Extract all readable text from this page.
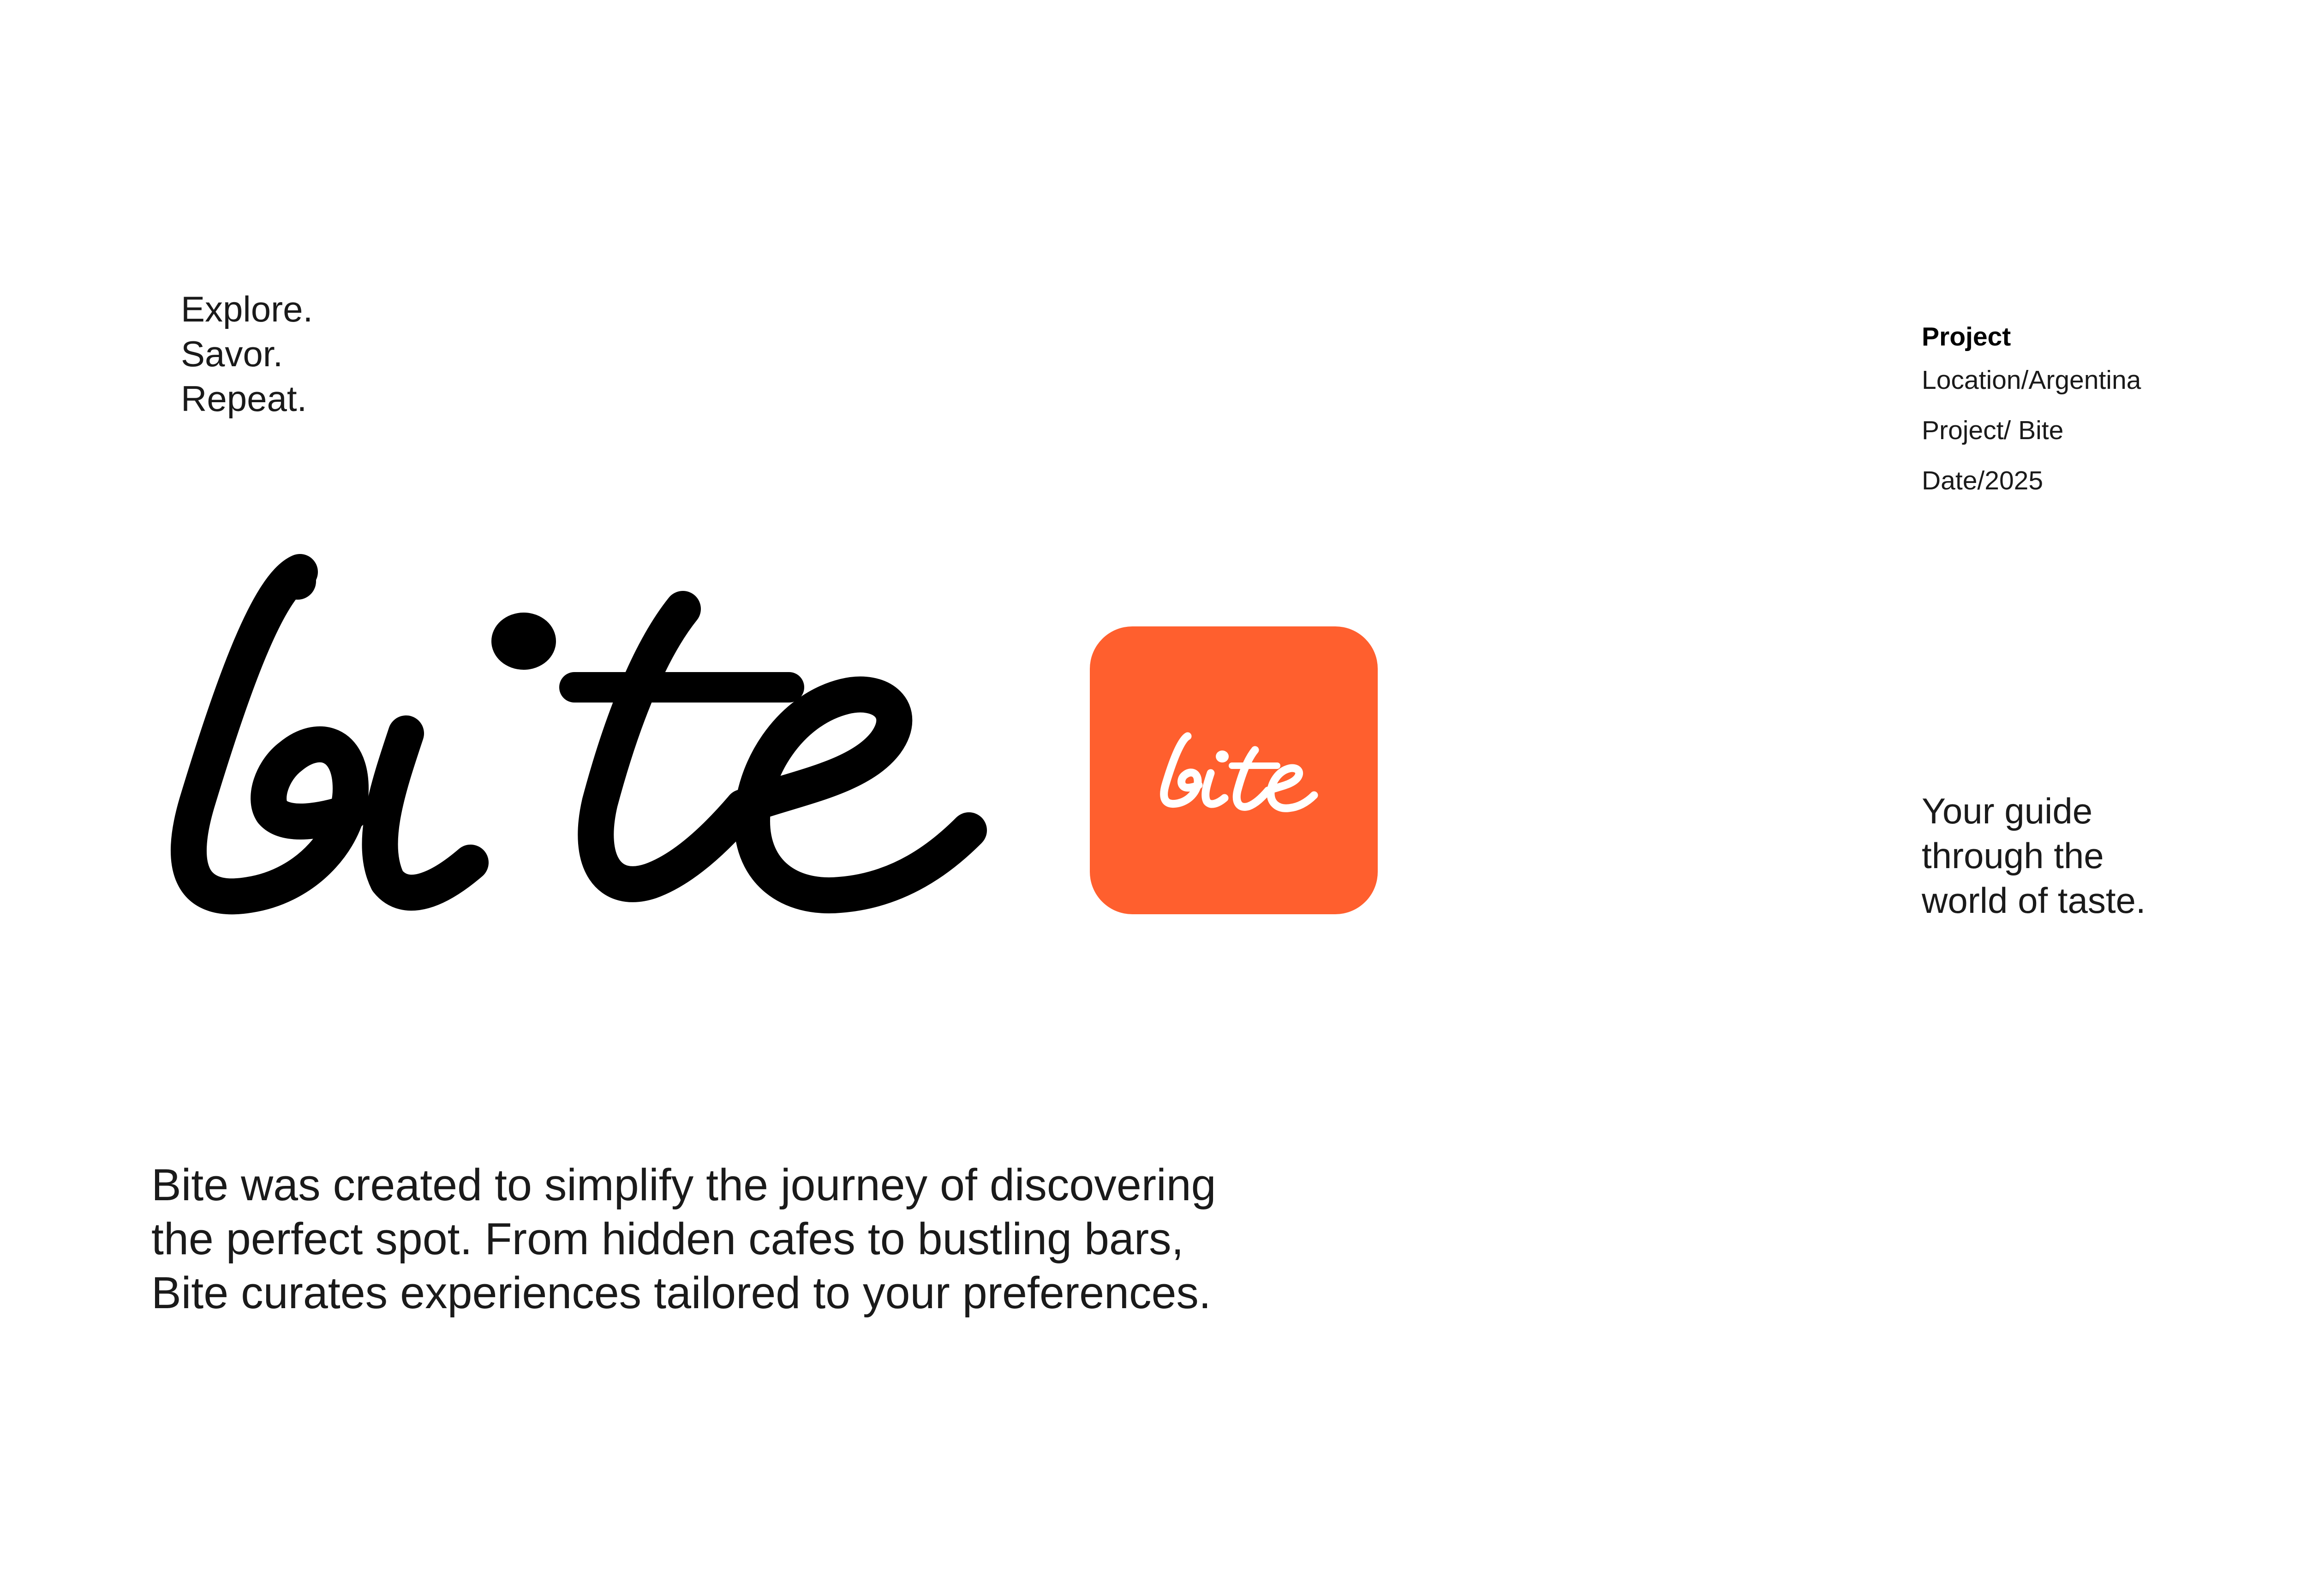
Explore.
Savor.
Repeat.
Project
Location/Argentina
Project/ Bite
Date/2025
Your guide
through the
world of taste.
Bite was created to simplify the journey of discovering
the perfect spot. From hidden cafes to bustling bars,
Bite curates experiences tailored to your preferences.
